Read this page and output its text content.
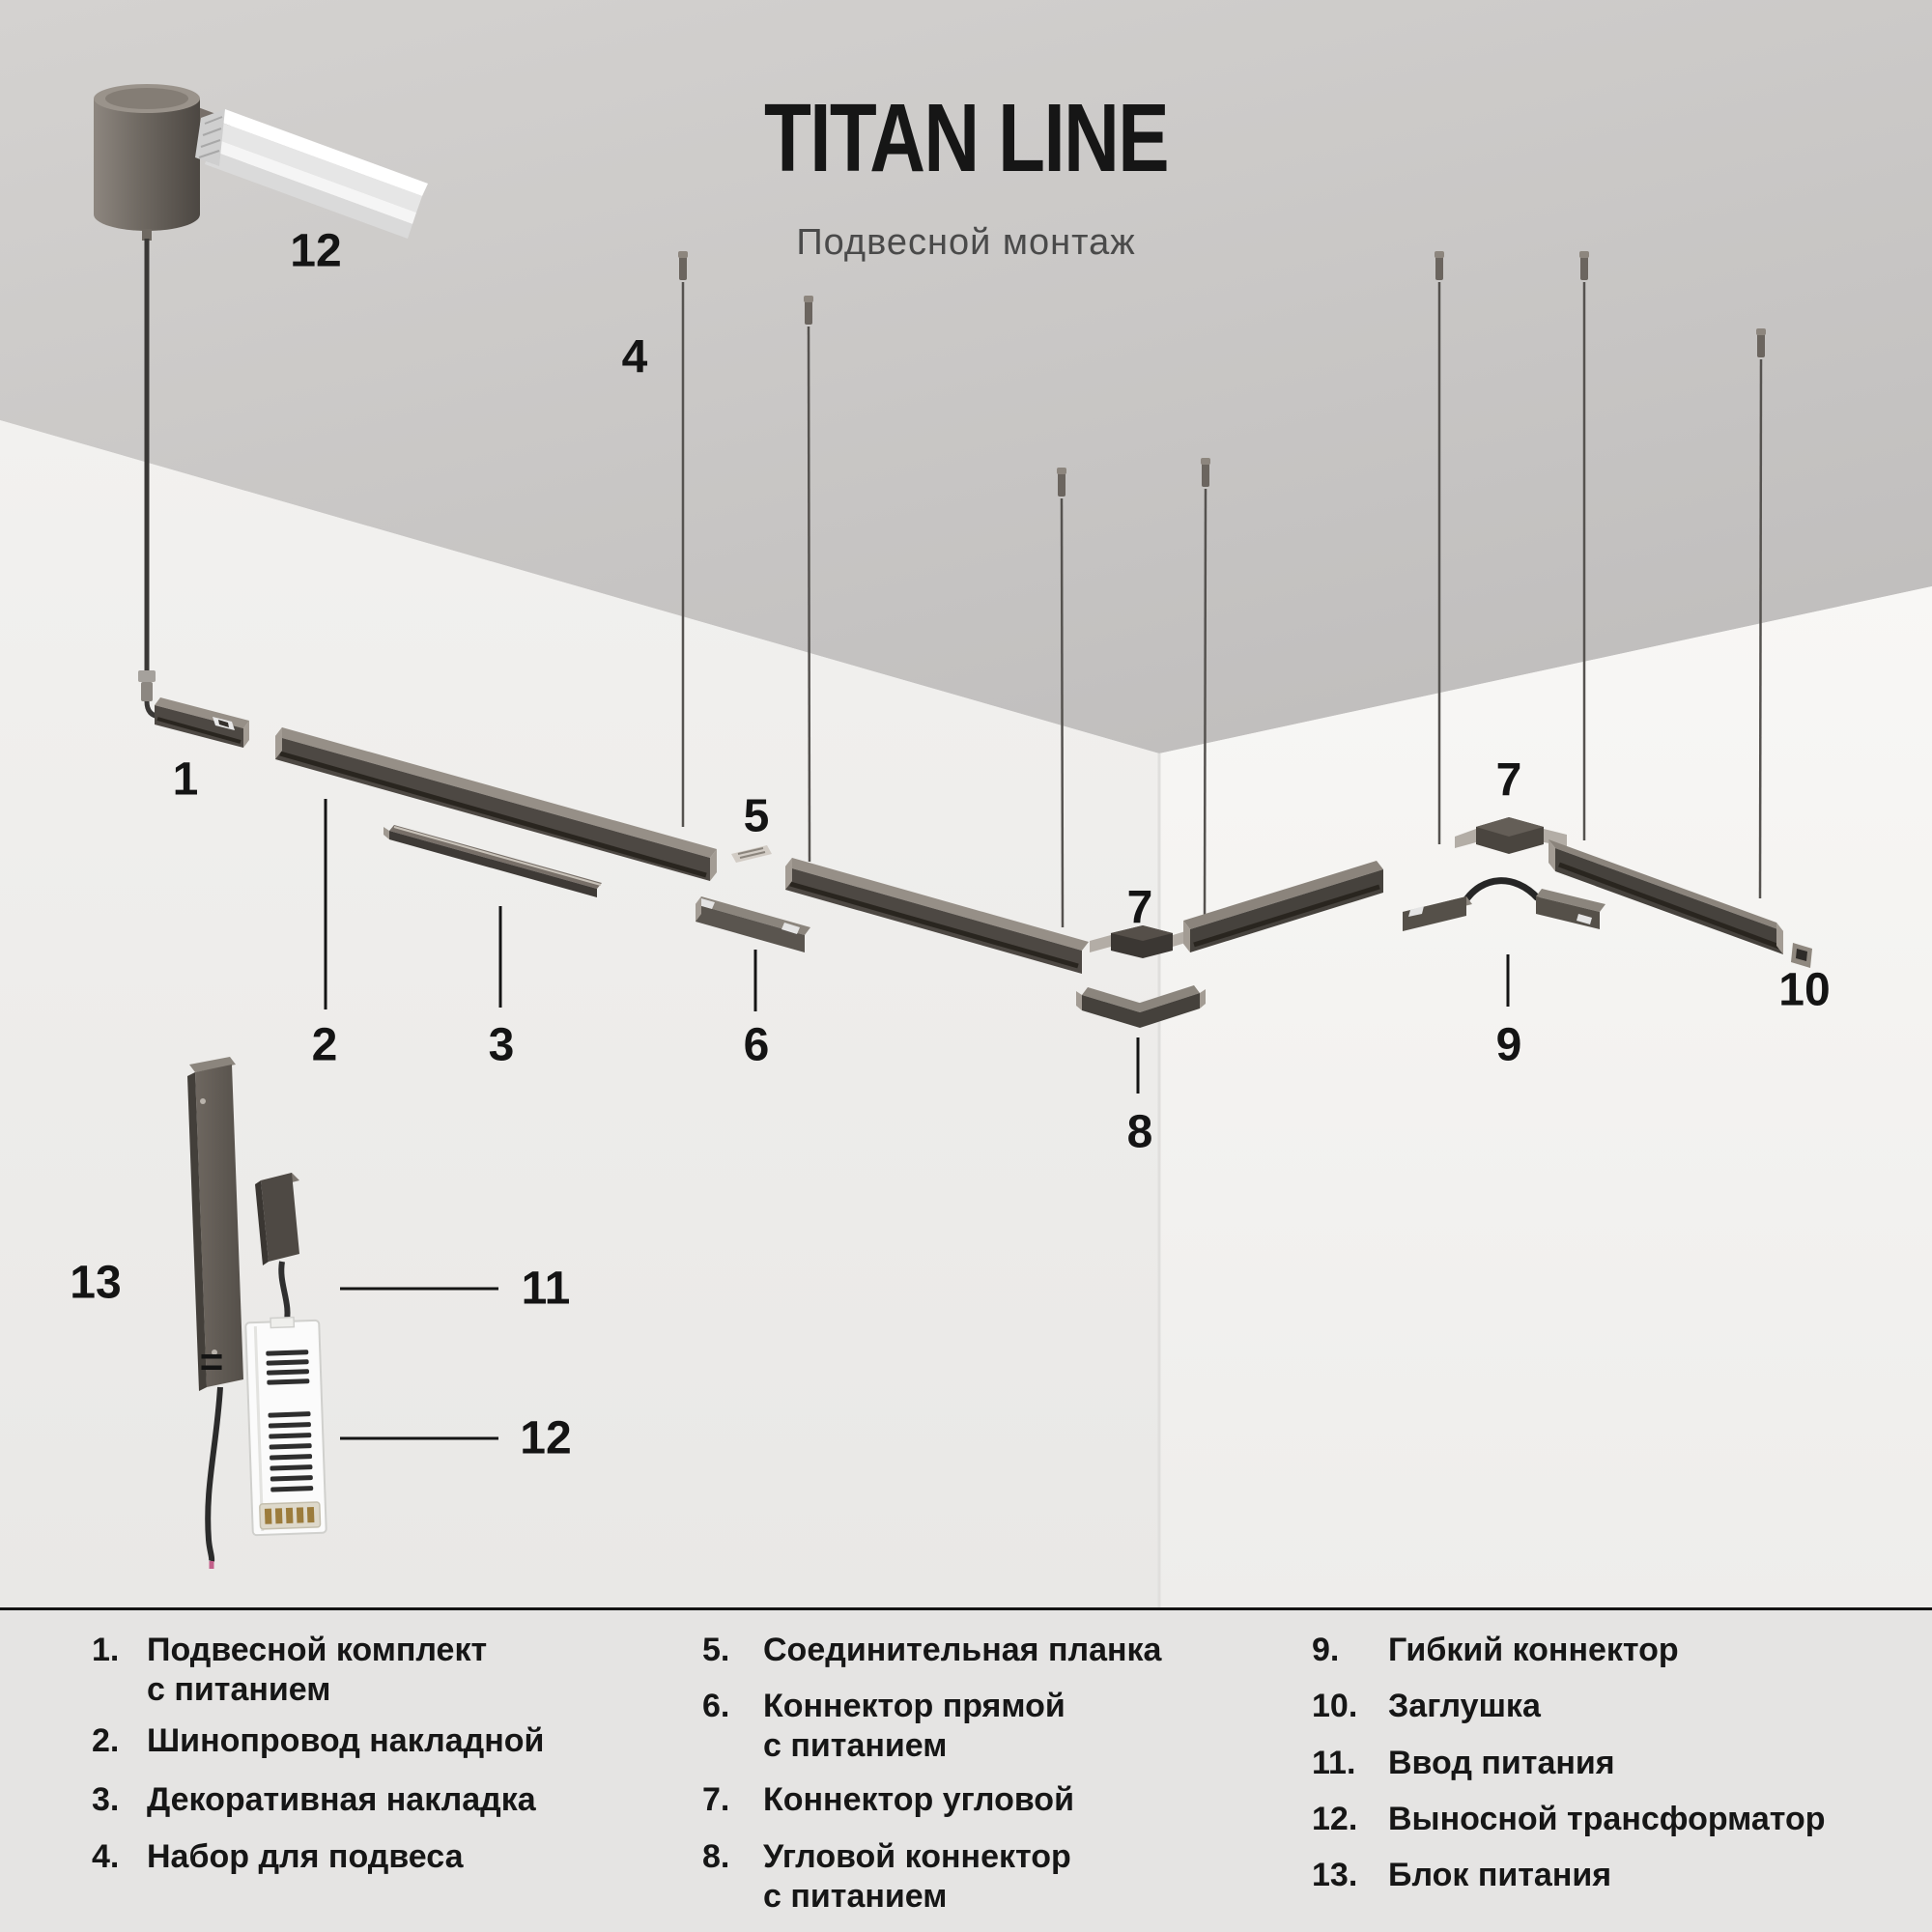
TITAN LINE
Подвесной монтаж
12
4
1
5
7
7
2	3	6	9
10
8
13	11
12
=
1. Подвесной комплект
с питанием
2. Шинопровод накладной
3. Декоративная накладка
4. Набор для подвеса
5.	Соединительная планка
6.	Коннектор прямой
с питанием
7.	Коннектор угловой
8.	Угловой коннектор
с питанием
9.	Гибкий коннектор
10. Заглушка
11. Ввод питания
12. Выносной трансформатор
13. Блок питания
